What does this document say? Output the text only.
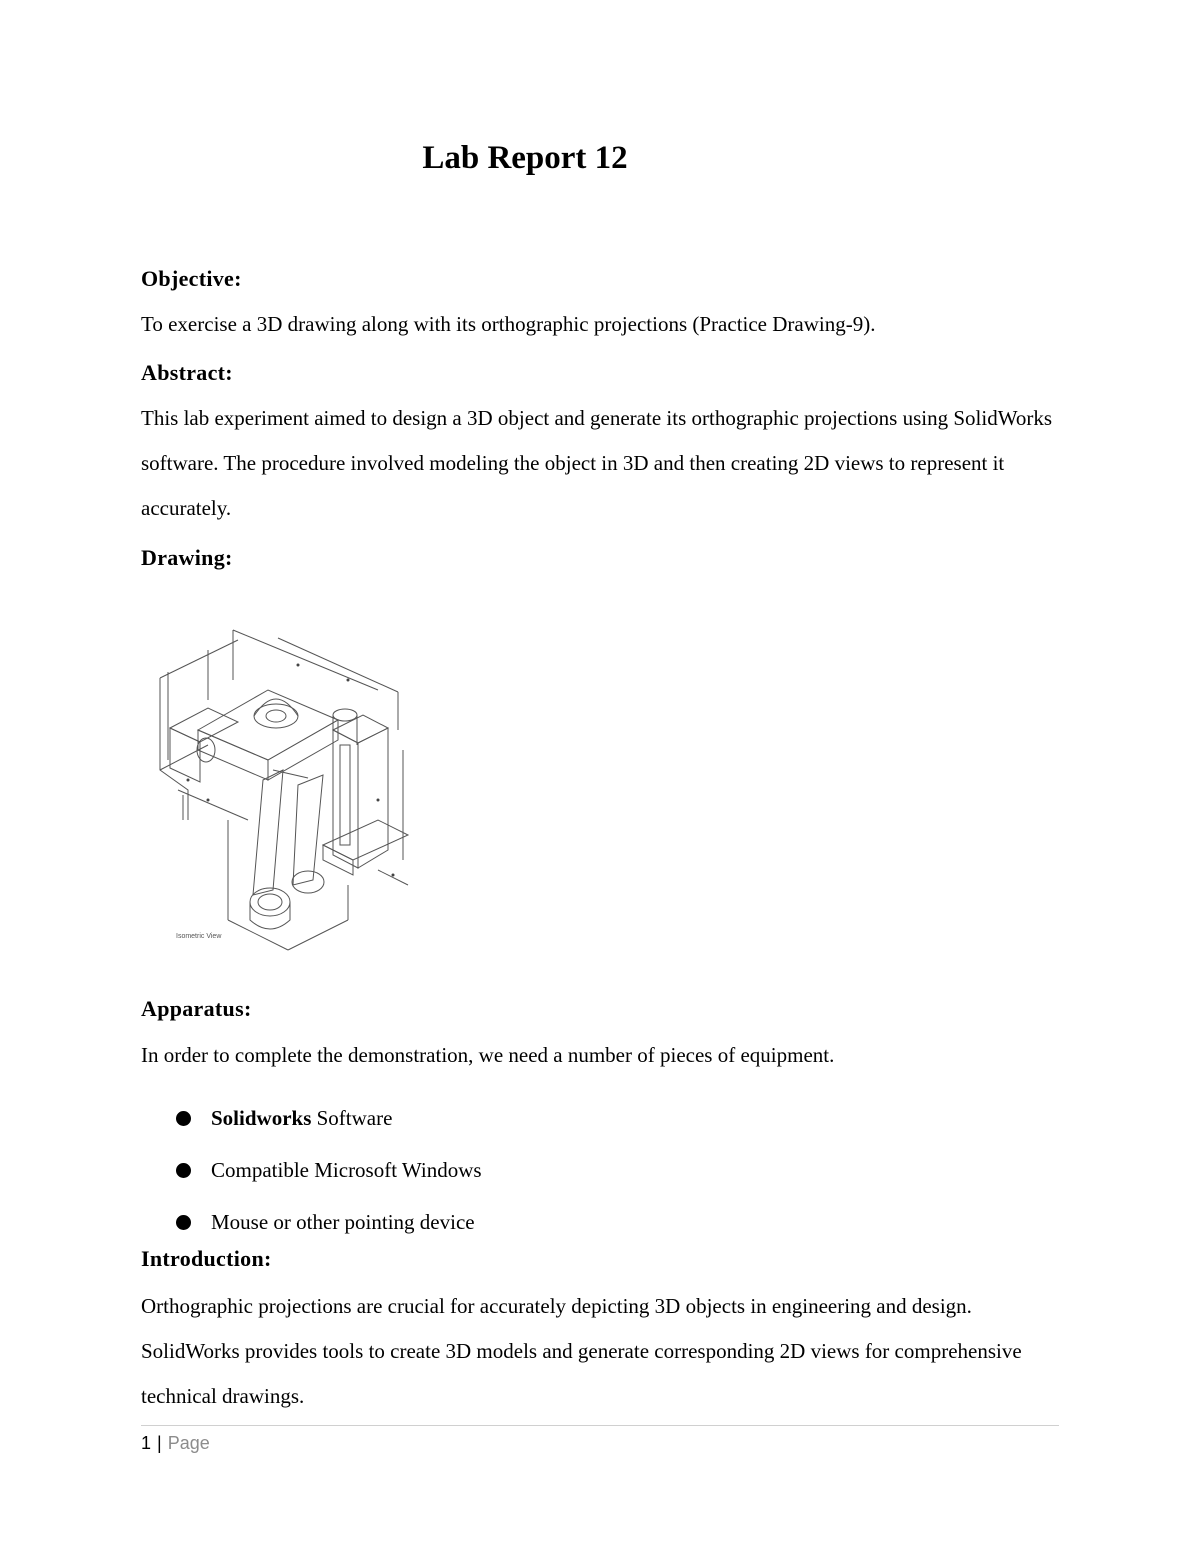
Lab Report 12
Objective:
To exercise a 3D drawing along with its orthographic projections (Practice Drawing-9).
Abstract:
This lab experiment aimed to design a 3D object and generate its orthographic projections using SolidWorks software. The procedure involved modeling the object in 3D and then creating 2D views to represent it accurately.
Drawing:
Isometric View
Apparatus:
In order to complete the demonstration, we need a number of pieces of equipment.
Solidworks Software
Compatible Microsoft Windows
Mouse or other pointing device
Introduction:
Orthographic projections are crucial for accurately depicting 3D objects in engineering and design. SolidWorks provides tools to create 3D models and generate corresponding 2D views for comprehensive technical drawings.
1 | Page
